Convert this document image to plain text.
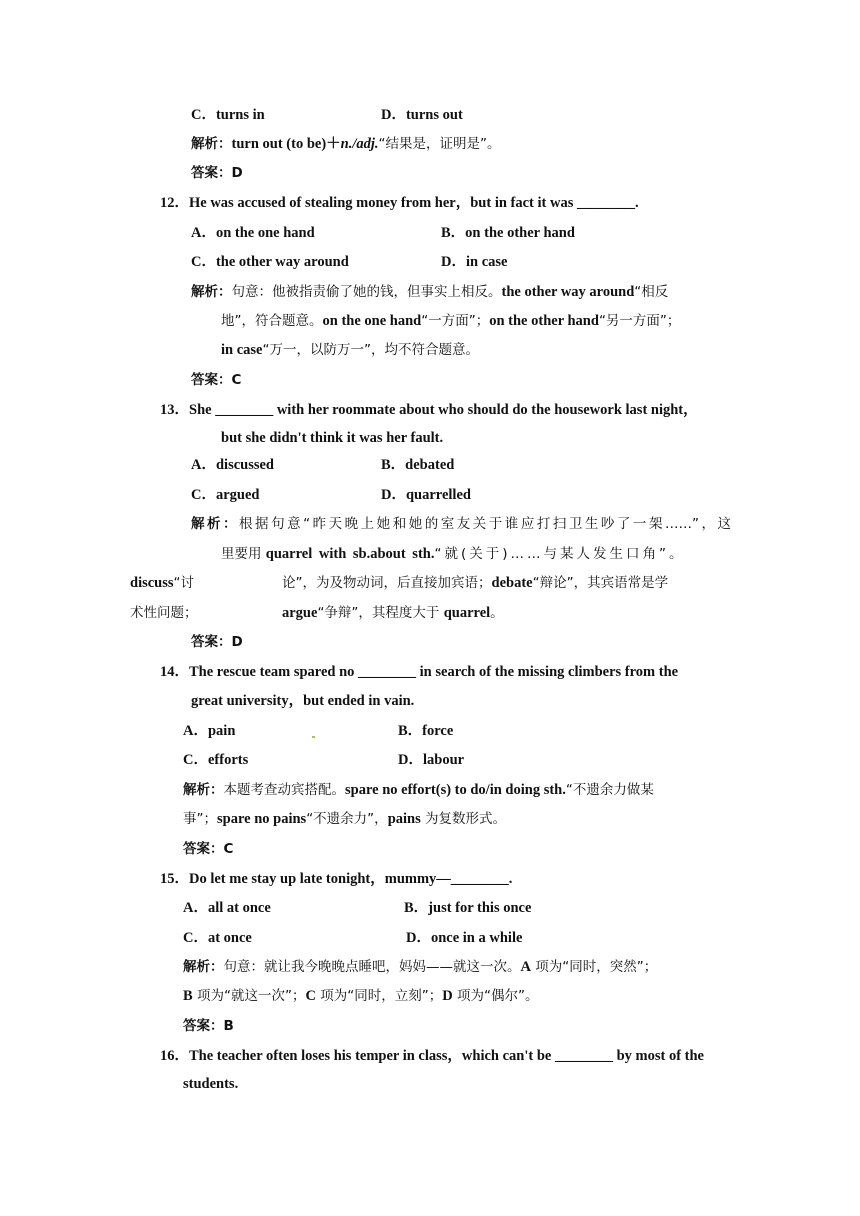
C．turns in	D．turns out
解析：turn out (to be)＋n./adj.“结果是，证明是”。
答案：D
12．He was accused of stealing money from her，but in fact it was ________.
A．on the one hand	B．on the other hand
C．the other way around	D．in case
解析：句意：他被指责偷了她的钱，但事实上相反。the other way around“相反
地”，符合题意。on the one hand“一方面”；on the other hand“另一方面”；
in case“万一，以防万一”，均不符合题意。
答案：C
13．She ________ with her roommate about who should do the housework last night，
but she didn't think it was her fault.
A．discussed	B．debated
C．argued	D．quarrelled
解析：根据句意“昨天晚上她和她的室友关于谁应打扫卫生吵了一架……”，这
里要用 quarrel with sb.about sth.“就(关于)……与某人发生口角”。
discuss“讨	论”，为及物动词，后直接加宾语；debate“辩论”，其宾语常是学
术性问题；	argue“争辩”，其程度大于 quarrel。
答案：D
14．The rescue team spared no ________ in search of the missing climbers from the
great university，but ended in vain.
A．pain	B．force
C．efforts	D．labour
解析：本题考查动宾搭配。spare no effort(s) to do/in doing sth.“不遗余力做某
事”；spare no pains“不遗余力”，pains 为复数形式。
答案：C
15．Do let me stay up late tonight，mummy—________.
A．all at once	B．just for this once
C．at once	D．once in a while
解析：句意：就让我今晚晚点睡吧，妈妈——就这一次。A 项为“同时，突然”；
B 项为“就这一次”；C 项为“同时，立刻”；D 项为“偶尔”。
答案：B
16．The teacher often loses his temper in class，which can't be ________ by most of the
students.
